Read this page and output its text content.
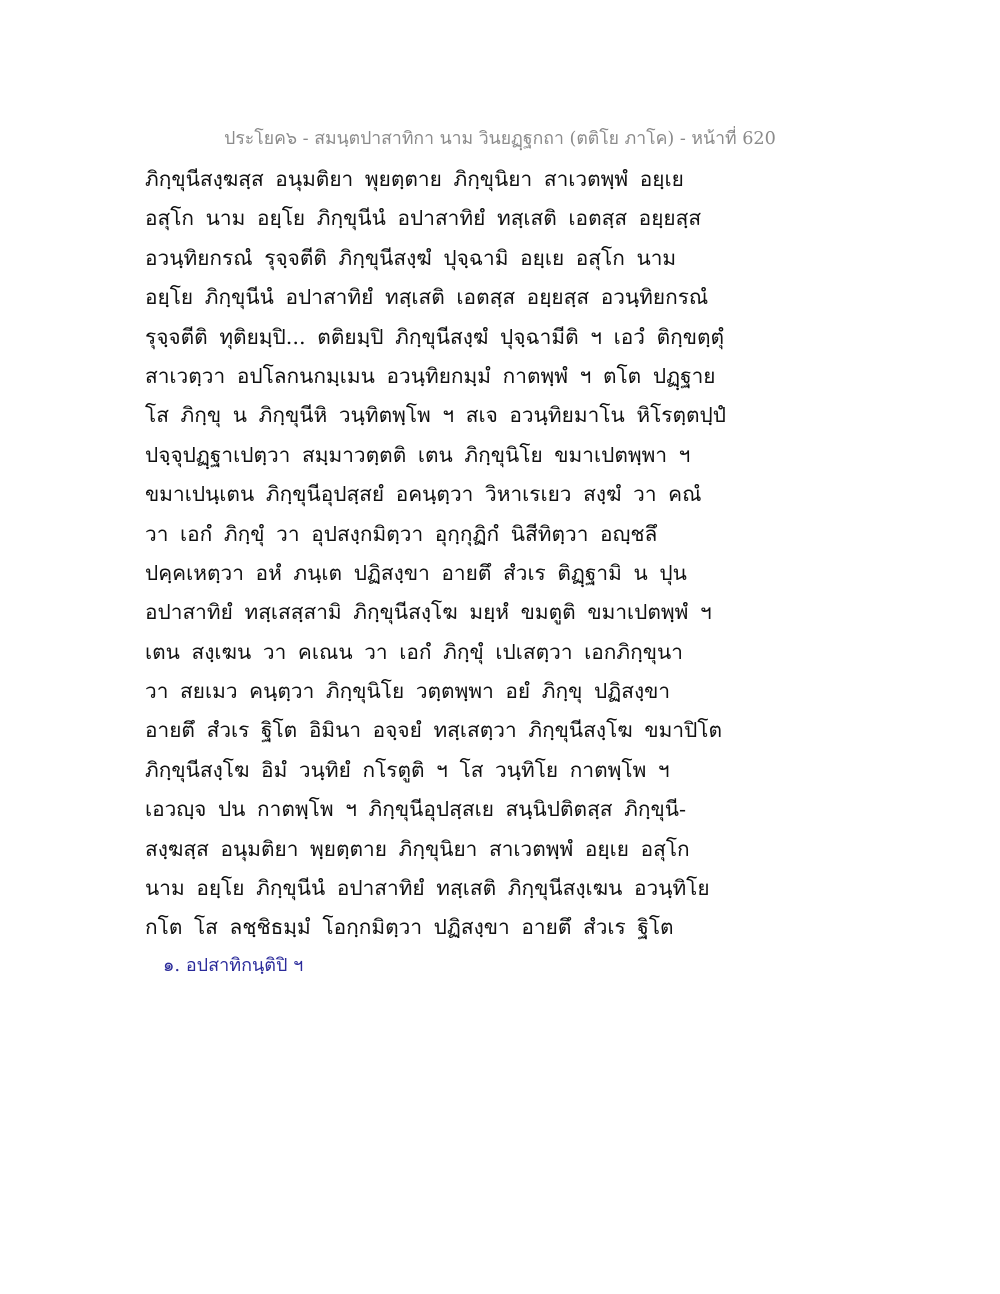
ประโยค๖ - สมนฺตปาสาทิกา นาม วินยฏฺฐกถา (ตติโย ภาโค) - หน้าที่ 620
ภิกฺขุนีสงฺฆสฺส อนุมติยา พุยตฺตาย ภิกฺขุนิยา สาเวตพฺพํ อยฺเย
อสุโก นาม อยฺโย ภิกฺขุนีนํ อปาสาทิยํ ทสฺเสติ เอตสฺส อยฺยสฺส
อวนฺทิยกรณํ รุจฺจตีติ ภิกฺขุนีสงฺฆํ ปุจฺฉามิ อยฺเย อสุโก นาม
อยฺโย ภิกฺขุนีนํ อปาสาทิยํ ทสฺเสติ เอตสฺส อยฺยสฺส อวนฺทิยกรณํ
รุจฺจตีติ ทุติยมฺปิ... ตติยมฺปิ ภิกฺขุนีสงฺฆํ ปุจฺฉามีติ ฯ เอวํ ติกฺขตฺตุํ
สาเวตฺวา อปโลกนกมฺเมน อวนฺทิยกมฺมํ กาตพฺพํ ฯ ตโต ปฏฺฐาย
โส ภิกฺขุ น ภิกฺขุนีหิ วนฺทิตพฺโพ ฯ สเจ อวนฺทิยมาโน หิโรตฺตปฺปํ
ปจฺจุปฏฺฐาเปตฺวา สมฺมาวตฺตติ เตน ภิกฺขุนิโย ขมาเปตพฺพา ฯ
ขมาเปนฺเตน ภิกฺขุนีอุปสฺสยํ อคนฺตฺวา วิหาเรเยว สงฺฆํ วา คณํ
วา เอกํ ภิกฺขุํ วา อุปสงฺกมิตฺวา อุกฺกุฏิกํ นิสีทิตฺวา อญฺชลึ
ปคฺคเหตฺวา อหํ ภนฺเต ปฏิสงฺขา อายตึ สํวเร ติฏฺฐามิ น ปุน
อปาสาทิยํ ทสฺเสสฺสามิ ภิกฺขุนีสงฺโฆ มยฺหํ ขมตูติ ขมาเปตพฺพํ ฯ
เตน สงฺเฆน วา คเณน วา เอกํ ภิกฺขุํ เปเสตฺวา เอกภิกฺขุนา
วา สยเมว คนฺตฺวา ภิกฺขุนิโย วตฺตพฺพา อยํ ภิกฺขุ ปฏิสงฺขา
อายตึ สํวเร ฐิโต อิมินา อจฺจยํ ทสฺเสตฺวา ภิกฺขุนีสงฺโฆ ขมาปิโต
ภิกฺขุนีสงฺโฆ อิมํ วนฺทิยํ กโรตูติ ฯ โส วนฺทิโย กาตพฺโพ ฯ
เอวญฺจ ปน กาตพฺโพ ฯ ภิกฺขุนีอุปสฺสเย สนฺนิปติตสฺส ภิกฺขุนี-
สงฺฆสฺส อนุมติยา พฺยตฺตาย ภิกฺขุนิยา สาเวตพฺพํ อยฺเย อสุโก
นาม อยฺโย ภิกฺขุนีนํ อปาสาทิยํ ทสฺเสติ ภิกฺขุนีสงฺเฆน อวนฺทิโย
กโต โส ลชฺชิธมฺมํ โอกฺกมิตฺวา ปฏิสงฺขา อายตึ สํวเร ฐิโต
๑. อปสาทิกนฺติปิ ฯ
